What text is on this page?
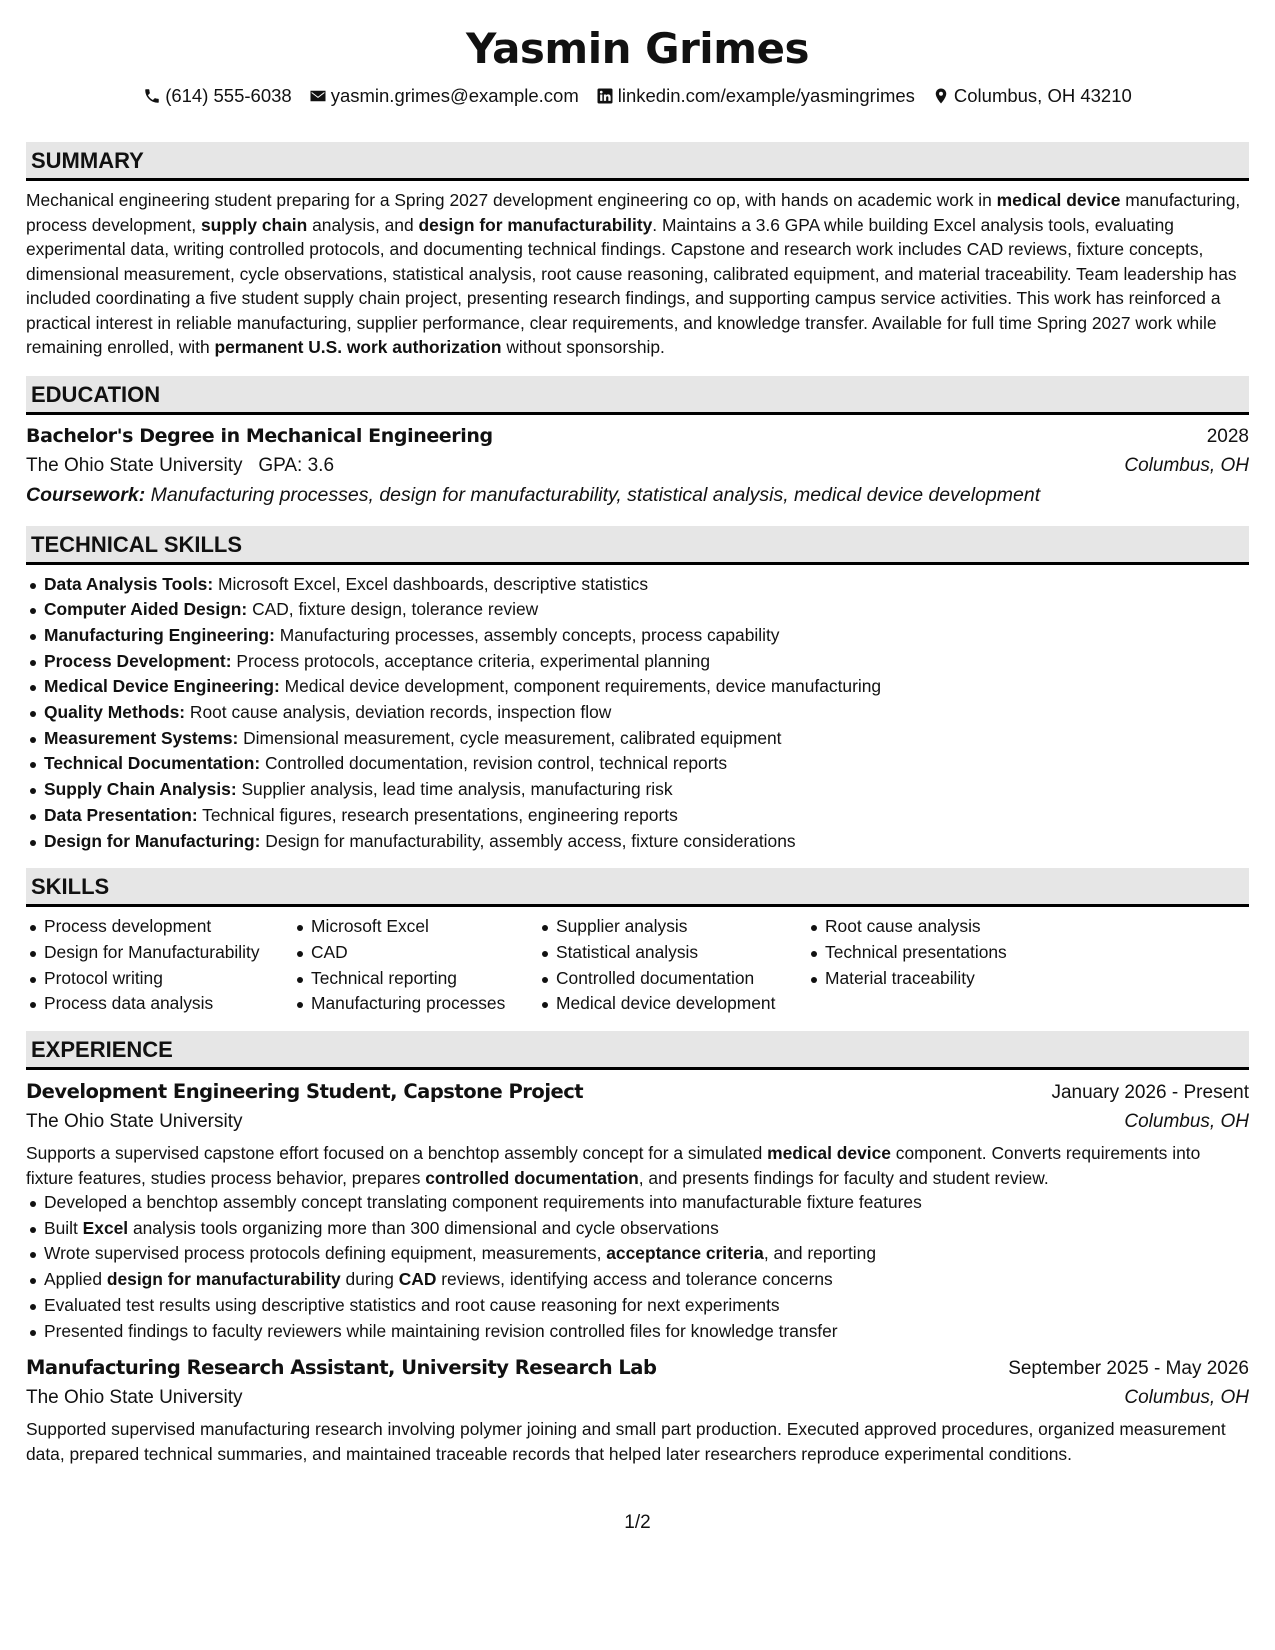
Yasmin Grimes
(614) 555-6038 yasmin.grimes@example.com linkedin.com/example/yasmingrimes Columbus, OH 43210
SUMMARY

Mechanical engineering student preparing for a Spring 2027 development engineering co op, with hands on academic work in medical device manufacturing, process development, supply chain analysis, and design for manufacturability. Maintains a 3.6 GPA while building Excel analysis tools, evaluating experimental data, writing controlled protocols, and documenting technical findings. Capstone and research work includes CAD reviews, fixture concepts, dimensional measurement, cycle observations, statistical analysis, root cause reasoning, calibrated equipment, and material traceability. Team leadership has included coordinating a five student supply chain project, presenting research findings, and supporting campus service activities. This work has reinforced a practical interest in reliable manufacturing, supplier performance, clear requirements, and knowledge transfer. Available for full time Spring 2027 work while remaining enrolled, with permanent U.S. work authorization without sponsorship.

EDUCATION
Bachelor's Degree in Mechanical Engineering	2028
The Ohio State University GPA: 3.6	Columbus, OH
Coursework: Manufacturing processes, design for manufacturability, statistical analysis, medical device development
TECHNICAL SKILLS
Data Analysis Tools: Microsoft Excel, Excel dashboards, descriptive statistics
Computer Aided Design: CAD, fixture design, tolerance review
Manufacturing Engineering: Manufacturing processes, assembly concepts, process capability
Process Development: Process protocols, acceptance criteria, experimental planning
Medical Device Engineering: Medical device development, component requirements, device manufacturing
Quality Methods: Root cause analysis, deviation records, inspection flow
Measurement Systems: Dimensional measurement, cycle measurement, calibrated equipment
Technical Documentation: Controlled documentation, revision control, technical reports
Supply Chain Analysis: Supplier analysis, lead time analysis, manufacturing risk
Data Presentation: Technical figures, research presentations, engineering reports
Design for Manufacturing: Design for manufacturability, assembly access, fixture considerations
SKILLS
Process development
Design for Manufacturability
Protocol writing
Process data analysis
Microsoft Excel
CAD
Technical reporting
Manufacturing processes
Supplier analysis
Statistical analysis
Controlled documentation
Medical device development
Root cause analysis
Technical presentations
Material traceability
EXPERIENCE
Development Engineering Student, Capstone Project	January 2026 - Present
The Ohio State University	Columbus, OH

Supports a supervised capstone effort focused on a benchtop assembly concept for a simulated medical device component. Converts requirements into fixture features, studies process behavior, prepares controlled documentation, and presents findings for faculty and student review.

Developed a benchtop assembly concept translating component requirements into manufacturable fixture features
Built Excel analysis tools organizing more than 300 dimensional and cycle observations
Wrote supervised process protocols defining equipment, measurements, acceptance criteria, and reporting
Applied design for manufacturability during CAD reviews, identifying access and tolerance concerns
Evaluated test results using descriptive statistics and root cause reasoning for next experiments
Presented findings to faculty reviewers while maintaining revision controlled files for knowledge transfer
Manufacturing Research Assistant, University Research Lab	September 2025 - May 2026
The Ohio State University	Columbus, OH

Supported supervised manufacturing research involving polymer joining and small part production. Executed approved procedures, organized measurement data, prepared technical summaries, and maintained traceable records that helped later researchers reproduce experimental conditions.

1/2
